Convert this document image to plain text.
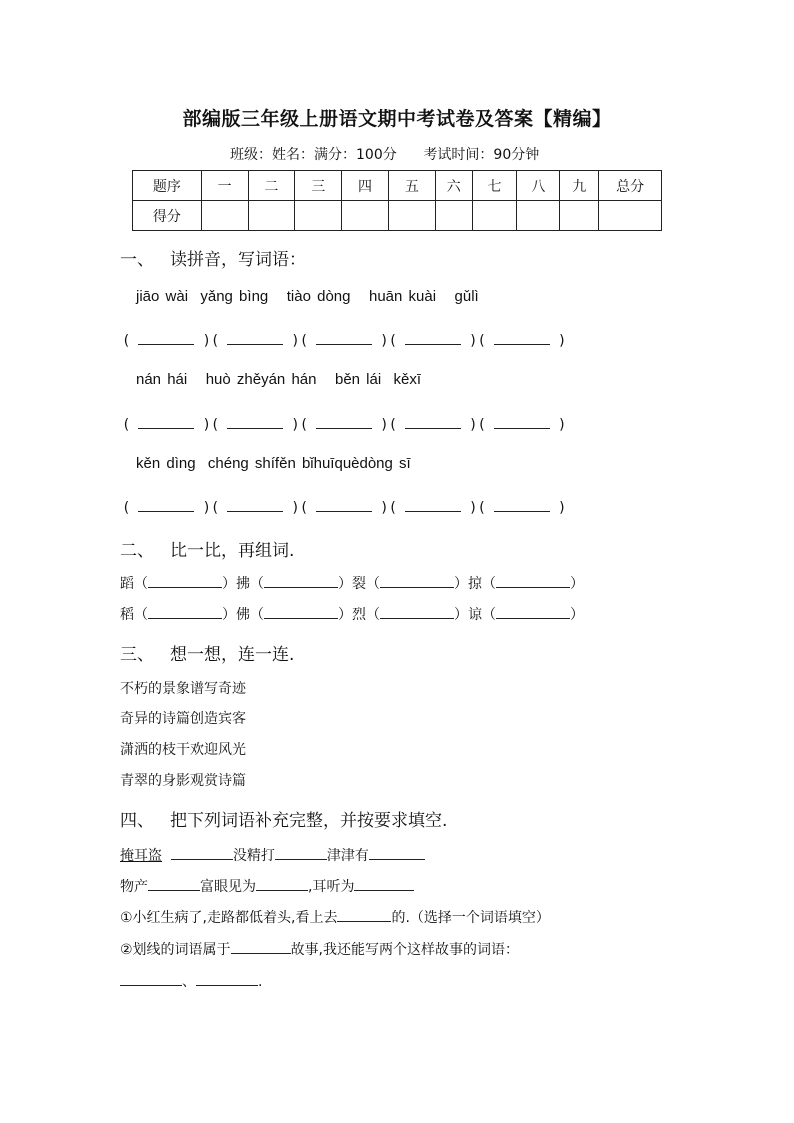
部编版三年级上册语文期中考试卷及答案【精编】
班级：姓名：满分：100分 考试时间：90分钟
题序	一	二	三	四	五	六	七	八	九	总分
得分										
一、 读拼音，写词语：
jiāo wài  yǎng bìng   tiào dòng   huān kuài   gǔlì
(	)(	)(	)(	)(	)
nán hái   huò zhěyán hán   běn lái  kěxī
(	)(	)(	)(	)(	)
kěn dìng  chéng shífěn bǐhuīquèdòng sī
(	)(	)(	)(	)(	)
二、 比一比，再组词.
蹈（	）拂（	）裂（	）掠（	）
稻（	）佛（	）烈（	）谅（	）
三、 想一想，连一连.
不朽的景象谱写奇迹
奇异的诗篇创造宾客
潇洒的枝干欢迎风光
青翠的身影观赏诗篇
四、 把下列词语补充完整，并按要求填空.
掩耳盗	没精打	津津有
物产	富眼见为	,耳听为
①小红生病了,走路都低着头,看上去	的.（选择一个词语填空）
②划线的词语属于	故事,我还能写两个这样故事的词语：
、	.
